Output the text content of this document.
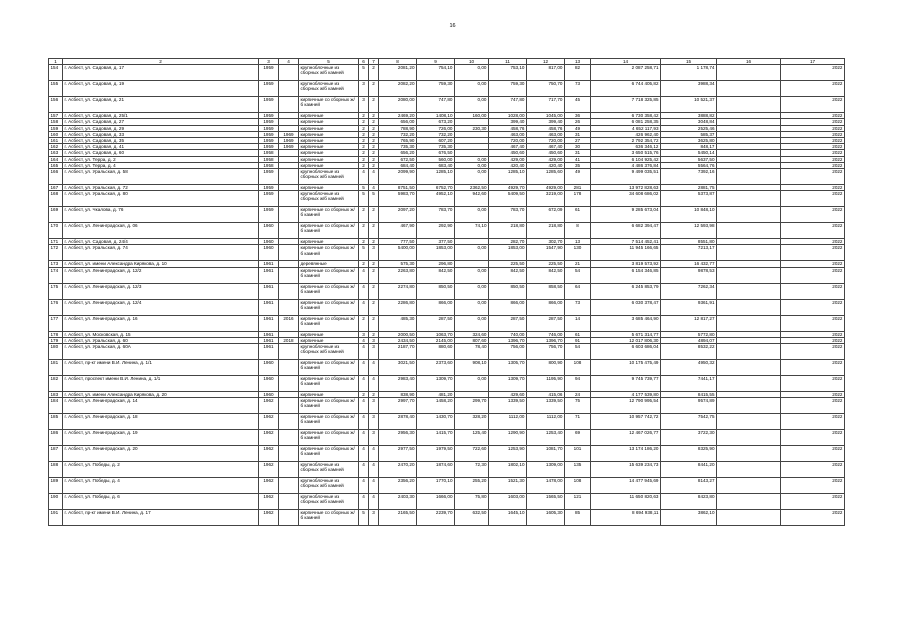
16
1	2	3	4	5	6	7	8	9	10	11	12	13	14	15	16	17
154	г. Асбест, ул. Садовая, д. 17	1959		крупноблочные из сборных ж/б камней	5	2	2081,20	754,10	0,00	753,10	817,00	82	2 087 258,71	1 178,74		2022
155	г. Асбест, ул. Садовая, д. 19	1959		крупноблочные из сборных ж/б камней	3	2	2082,20	759,30	0,00	759,30	750,70	73	6 744 405,82	3988,34		2022
156	г. Асбест, ул. Садовая, д. 21	1959		кирпичные со сборных ж/б камней	3	2	2080,00	747,80	0,00	747,80	717,70	45	7 718 325,85	10 521,37		2022
157	г. Асбест, ул. Садовая, д. 25/1	1959		кирпичные	2	2	2469,20	1408,10	160,00	1028,00	1045,00	36	6 730 358,42	3888,82		2022
158	г. Асбест, ул. Садовая, д. 27	1959		кирпичные	2	2	656,00	673,20		399,40	399,40	26	6 081 258,35	3048,84		2022
159	г. Асбест, ул. Садовая, д. 29	1959		кирпичные	2	2	788,90	726,00	230,30	458,76	458,76	49	4 652 117,93	2525,46		2022
160	г. Асбест, ул. Садовая, д. 33	1959	1969	кирпичные	2	2	732,20	732,20		463,00	463,00	31	426 962,40	585,37		2022
161	г. Асбест, ул. Садовая, д. 35	1959	1969	кирпичные	2	2	765,90	607,20		720,00	720,00	27	2 792 354,72	3625,80		2022
162	г. Асбест, ул. Садовая, д. 41	1959	1969	кирпичные	2	2	735,30	735,30		467,40	467,40	30	636 346,12	848,17		2022
163	г. Асбест, ул. Садовая, д. 60	1958		кирпичные	2	2	656,20	676,50		450,60	450,60	31	3 650 515,76	5450,14		2022
164	г. Асбест, ул. Терра, д. 2	1958		кирпичные	2	2	672,50	560,00	0,00	429,00	429,00	41	6 104 925,42	5637,50		2022
165	г. Асбест, ул. Терра, д. 4	1958		кирпичные	2	2	684,40	683,40	0,00	420,40	420,40	35	4 486 376,84	5564,76		2022
166	г. Асбест, ул. Уральская, д. 58	1959		крупноблочные из сборных ж/б камней	4	4	2099,90	1285,10	0,00	1285,10	1285,60	49	9 499 035,51	7392,16		2022
167	г. Асбест, ул. Уральская, д. 72	1959		кирпичные	5	4	8751,50	6752,70	2362,50	4929,70	4929,00	281	13 972 828,63	2881,75		2022
168	г. Асбест, ул. Уральская, д. 80	1959		крупноблочные из сборных ж/б камней	5	5	5983,70	4952,10	942,60	5409,50	3219,00	178	34 608 686,02	5373,87		2022
169	г. Асбест, ул. Чкалова, д. 76	1959		кирпичные со сборных ж/б камней	2	2	2097,20	783,70	0,00	783,70	672,09	61	9 285 673,04	10 848,10		2022
170	г. Асбест, ул. Ленинградская, д. 06	1960		кирпичные со сборных ж/б камней	2	2	467,90	292,90	74,10	218,80	218,80	8	6 682 394,47	12 593,98		2022
171	г. Асбест, ул. Садовая, д. 24/4	1960		кирпичные	2	2	777,50	377,50		282,70	302,70	13	7 514 452,41	8551,80		2022
172	г. Асбест, ул. Уральская, д. 74	1960		кирпичные со сборных ж/б камней	5	3	5400,00	1853,00	0,00	1853,00	1547,90	130	11 945 166,65	7213,17		2022
173	г. Асбест, ул. имени Александра Кирякова, д. 10	1961		деревянные	2	2	575,30	296,80		225,50	225,50	21	3 819 573,92	16 432,77		2022
174	г. Асбест, ул. Ленинградская, д. 12/2	1961		кирпичные со сборных ж/б камней	4	2	2263,80	842,50	0,00	842,50	842,50	54	6 154 346,85	9878,53		2022
175	г. Асбест, ул. Ленинградская, д. 12/3	1961		кирпичные со сборных ж/б камней	4	2	2274,80	850,50	0,00	850,50	858,50	64	6 245 853,79	7262,34		2022
176	г. Асбест, ул. Ленинградская, д. 12/4	1961		кирпичные со сборных ж/б камней	4	2	2286,80	866,00	0,00	866,00	866,00	73	6 030 378,47	9361,91		2022
177	г. Асбест, ул. Ленинградская, д. 16	1961	2016	кирпичные со сборных ж/б камней	2	2	485,30	287,50	0,00	287,50	287,50	14	3 685 464,90	12 817,27		2022
178	г. Асбест, ул. Московская, д. 15	1961		кирпичные	3	2	2000,50	1063,70	324,60	740,00	746,00	61	5 671 314,77	5772,80		2022
179	г. Асбест, ул. Уральская, д. 60	1961	2018	кирпичные	4	3	2434,50	2145,00	807,60	1396,70	1396,70	91	12 017 806,30	4894,07		2022
180	г. Асбест, ул. Уральская, д. 60А	1961		крупноблочные из сборных ж/б камней	4	3	2187,70	880,60	78,40	756,00	756,70	54	6 603 686,04	8532,22		2022
181	г. Асбест, пр-кт имени В.И. Ленина, д. 1/1	1960		кирпичные со сборных ж/б камней	4	4	3021,50	2373,60	908,10	1305,70	800,90	108	10 175 475,49	4950,32		2022
182	г. Асбест, проспект имени В.И. Ленина, д. 1/1	1960		кирпичные со сборных ж/б камней	4	4	2983,40	1309,70	0,00	1309,70	1195,90	94	9 745 739,77	7441,17		2022
183	г. Асбест, ул. имени Александра Кирякова, д. 20	1960		кирпичные	2	2	838,90	481,20		429,60	415,06	24	4 177 539,80	8415,55		2022
184	г. Асбест, ул. Ленинградская, д. 14	1962		кирпичные со сборных ж/б камней	4	3	2997,70	1458,20	299,70	1339,50	1339,50	75	12 790 995,54	9574,89		2022
185	г. Асбест, ул. Ленинградская, д. 18	1962		кирпичные со сборных ж/б камней	4	3	2878,40	1430,70	328,20	1112,00	1112,00	71	10 957 742,72	7542,75		2022
186	г. Асбест, ул. Ленинградская, д. 19	1962		кирпичные со сборных ж/б камней	4	3	2956,30	1415,70	125,40	1290,90	1253,40	69	12 467 026,77	3722,30		2022
187	г. Асбест, ул. Ленинградская, д. 20	1962		кирпичные со сборных ж/б камней	4	4	2977,50	1979,50	722,60	1253,90	1081,70	101	13 174 186,20	8325,90		2022
188	г. Асбест, ул. Победы, д. 2	1962		крупноблочные из сборных ж/б камней	4	4	2470,20	1874,60	72,30	1802,10	1309,00	135	15 639 234,73	8441,20		2022
189	г. Асбест, ул. Победы, д. 4	1962		крупноблочные из сборных ж/б камней	4	4	2356,20	1770,10	255,20	1521,30	1478,00	108	14 477 945,69	8143,27		2022
190	г. Асбест, ул. Победы, д. 6	1962		крупноблочные из сборных ж/б камней	4	4	2403,30	1666,00	75,80	1603,00	1565,50	121	11 650 820,63	8423,80		2022
191	г. Асбест, пр-кт имени В.И. Ленина, д. 17	1962		кирпичные со сборных ж/б камней	5	3	2165,50	2239,70	632,50	1645,10	1605,30	85	8 694 938,11	3862,10		2022
